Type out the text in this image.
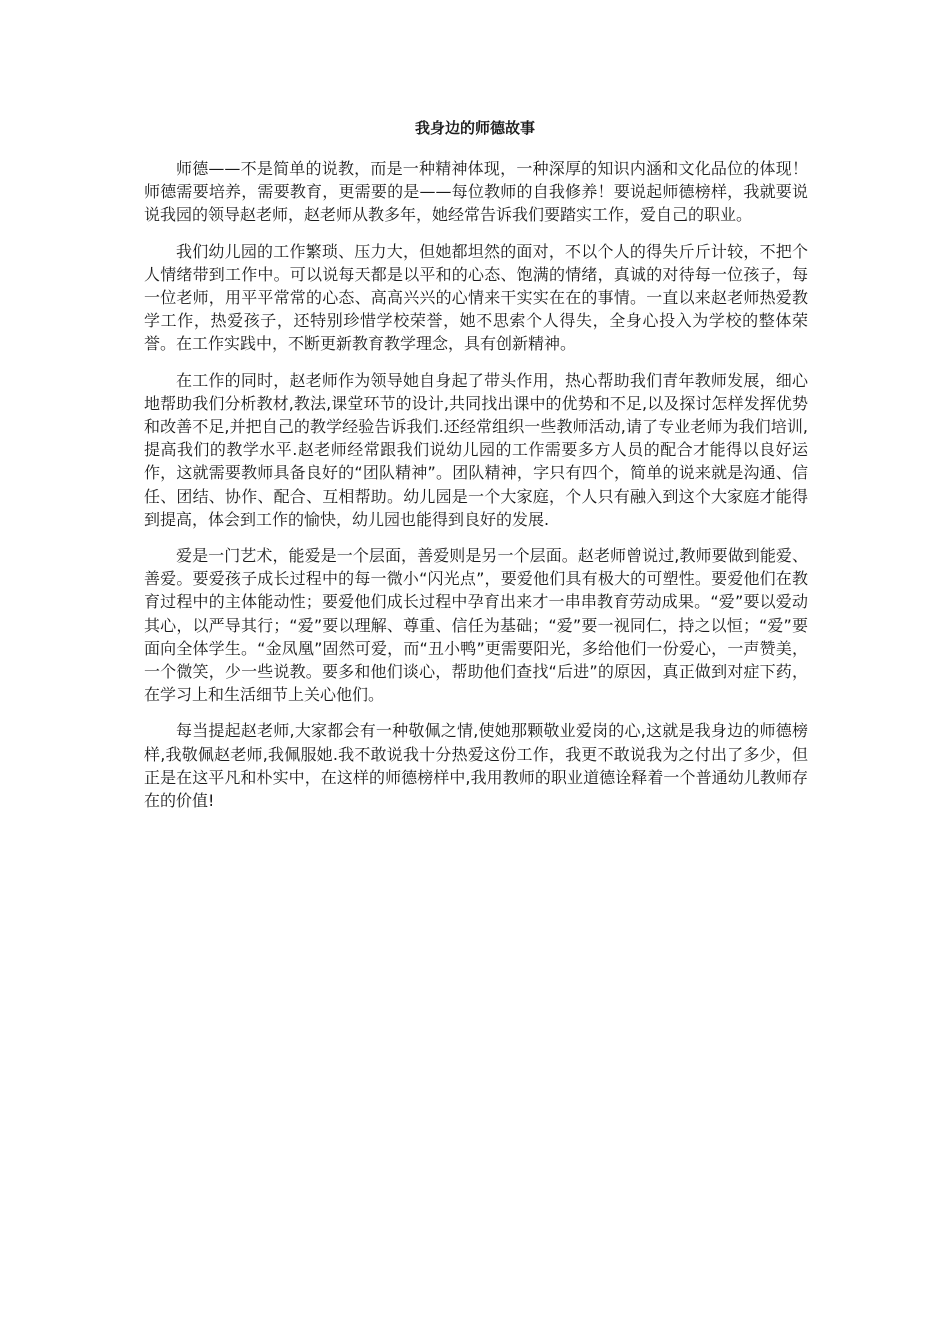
我身边的师德故事

师德——不是简单的说教，而是一种精神体现，一种深厚的知识内涵和文化品位的体现！师德需要培养，需要教育，更需要的是——每位教师的自我修养！要说起师德榜样，我就要说说我园的领导赵老师，赵老师从教多年，她经常告诉我们要踏实工作，爱自己的职业。

我们幼儿园的工作繁琐、压力大，但她都坦然的面对，不以个人的得失斤斤计较，不把个人情绪带到工作中。可以说每天都是以平和的心态、饱满的情绪，真诚的对待每一位孩子，每一位老师，用平平常常的心态、高高兴兴的心情来干实实在在的事情。一直以来赵老师热爱教学工作，热爱孩子，还特别珍惜学校荣誉，她不思索个人得失，全身心投入为学校的整体荣誉。在工作实践中，不断更新教育教学理念，具有创新精神。

在工作的同时，赵老师作为领导她自身起了带头作用，热心帮助我们青年教师发展，细心地帮助我们分析教材,教法,课堂环节的设计,共同找出课中的优势和不足,以及探讨怎样发挥优势和改善不足,并把自己的教学经验告诉我们.还经常组织一些教师活动,请了专业老师为我们培训,提高我们的教学水平.赵老师经常跟我们说幼儿园的工作需要多方人员的配合才能得以良好运作，这就需要教师具备良好的“团队精神”。团队精神，字只有四个，简单的说来就是沟通、信任、团结、协作、配合、互相帮助。幼儿园是一个大家庭，个人只有融入到这个大家庭才能得到提高，体会到工作的愉快，幼儿园也能得到良好的发展.

爱是一门艺术，能爱是一个层面，善爱则是另一个层面。赵老师曾说过,教师要做到能爱、善爱。要爱孩子成长过程中的每一微小“闪光点”，要爱他们具有极大的可塑性。要爱他们在教育过程中的主体能动性；要爱他们成长过程中孕育出来才一串串教育劳动成果。“爱”要以爱动其心，以严导其行；“爱”要以理解、尊重、信任为基础；“爱”要一视同仁，持之以恒；“爱”要面向全体学生。“金凤凰”固然可爱，而“丑小鸭”更需要阳光，多给他们一份爱心，一声赞美，一个微笑，少一些说教。要多和他们谈心，帮助他们查找“后进”的原因，真正做到对症下药，在学习上和生活细节上关心他们。

每当提起赵老师,大家都会有一种敬佩之情,使她那颗敬业爱岗的心,这就是我身边的师德榜样,我敬佩赵老师,我佩服她.我不敢说我十分热爱这份工作，我更不敢说我为之付出了多少，但正是在这平凡和朴实中，在这样的师德榜样中,我用教师的职业道德诠释着一个普通幼儿教师存在的价值!
